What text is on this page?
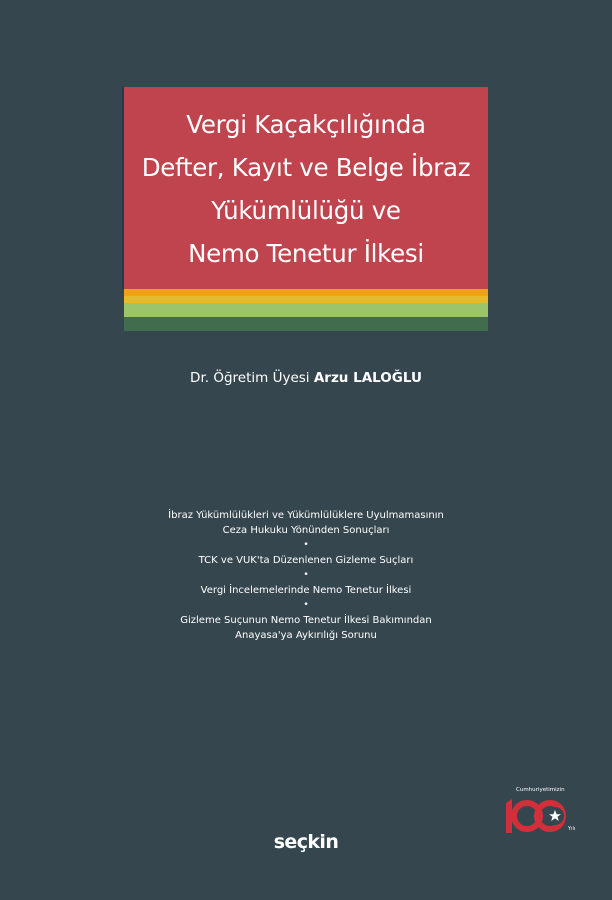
Vergi Kaçakçılığında
Defter, Kayıt ve Belge İbraz
Yükümlülüğü ve
Nemo Tenetur İlkesi
Dr. Öğretim Üyesi Arzu LALOĞLU
İbraz Yükümlülükleri ve Yükümlülüklere Uyulmamasının
Ceza Hukuku Yönünden Sonuçları
•
TCK ve VUK'ta Düzenlenen Gizleme Suçları
•
Vergi İncelemelerinde Nemo Tenetur İlkesi
•
Gizleme Suçunun Nemo Tenetur İlkesi Bakımından
Anayasa'ya Aykırılığı Sorunu
Cumhuriyetimizin
Yılı
seçkin
